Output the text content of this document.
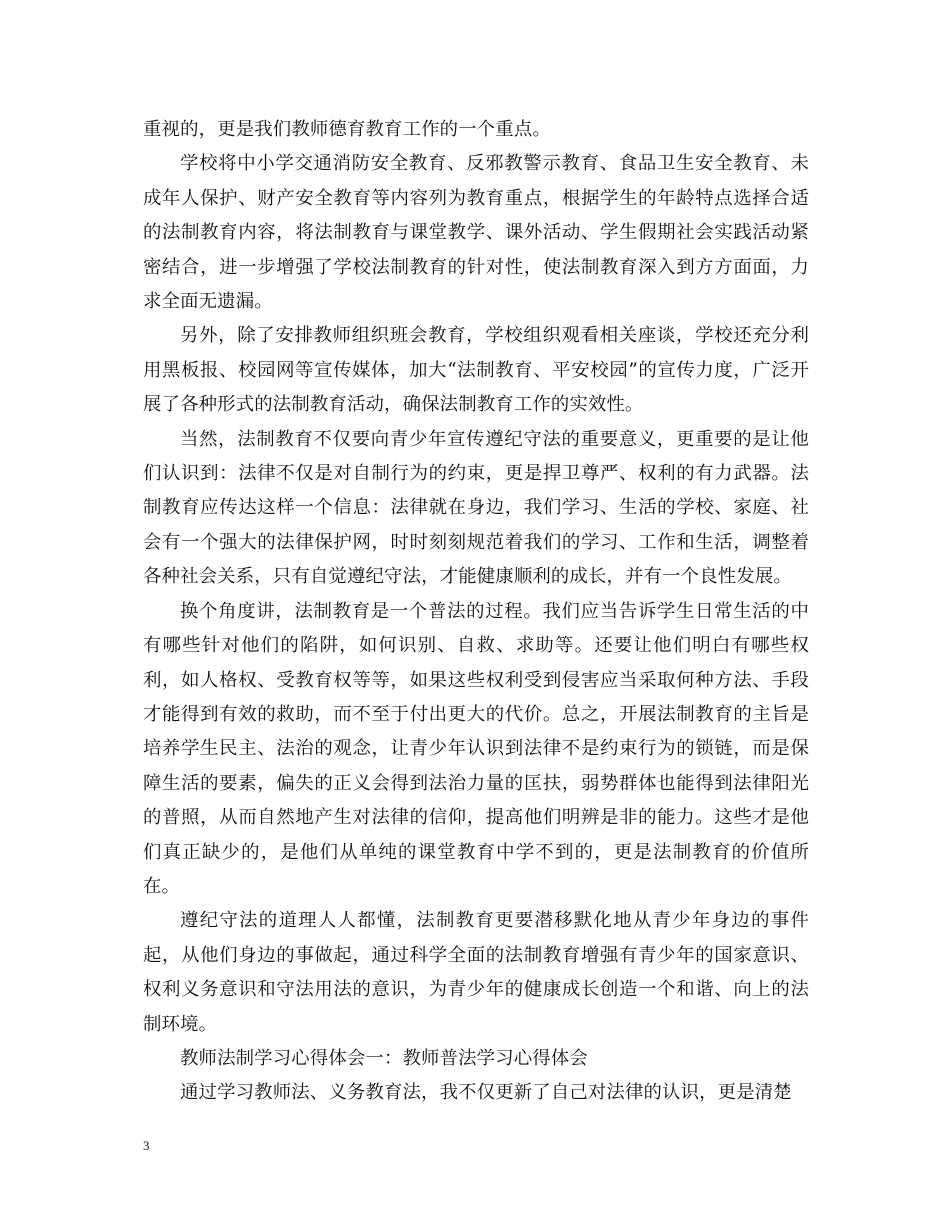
重视的，更是我们教师德育教育工作的一个重点。

学校将中小学交通消防安全教育、反邪教警示教育、食品卫生安全教育、未成年人保护、财产安全教育等内容列为教育重点，根据学生的年龄特点选择合适的法制教育内容，将法制教育与课堂教学、课外活动、学生假期社会实践活动紧密结合，进一步增强了学校法制教育的针对性，使法制教育深入到方方面面，力求全面无遗漏。

另外，除了安排教师组织班会教育，学校组织观看相关座谈，学校还充分利用黑板报、校园网等宣传媒体，加大“法制教育、平安校园”的宣传力度，广泛开展了各种形式的法制教育活动，确保法制教育工作的实效性。

当然，法制教育不仅要向青少年宣传遵纪守法的重要意义，更重要的是让他们认识到：法律不仅是对自制行为的约束，更是捍卫尊严、权利的有力武器。法制教育应传达这样一个信息：法律就在身边，我们学习、生活的学校、家庭、社会有一个强大的法律保护网，时时刻刻规范着我们的学习、工作和生活，调整着各种社会关系，只有自觉遵纪守法，才能健康顺利的成长，并有一个良性发展。

换个角度讲，法制教育是一个普法的过程。我们应当告诉学生日常生活的中有哪些针对他们的陷阱，如何识别、自救、求助等。还要让他们明白有哪些权利，如人格权、受教育权等等，如果这些权利受到侵害应当采取何种方法、手段才能得到有效的救助，而不至于付出更大的代价。总之，开展法制教育的主旨是培养学生民主、法治的观念，让青少年认识到法律不是约束行为的锁链，而是保障生活的要素，偏失的正义会得到法治力量的匡扶，弱势群体也能得到法律阳光的普照，从而自然地产生对法律的信仰，提高他们明辨是非的能力。这些才是他们真正缺少的，是他们从单纯的课堂教育中学不到的，更是法制教育的价值所在。

遵纪守法的道理人人都懂，法制教育更要潜移默化地从青少年身边的事件起，从他们身边的事做起，通过科学全面的法制教育增强有青少年的国家意识、权利义务意识和守法用法的意识，为青少年的健康成长创造一个和谐、向上的法制环境。

教师法制学习心得体会一：教师普法学习心得体会

通过学习教师法、义务教育法，我不仅更新了自己对法律的认识，更是清楚

3
